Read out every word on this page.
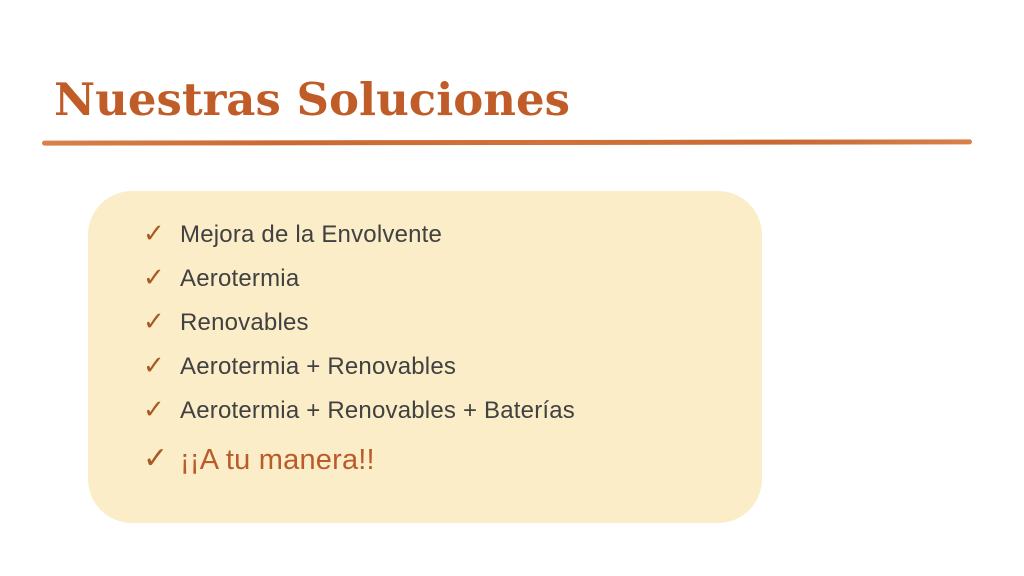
Nuestras Soluciones
✓ Mejora de la Envolvente
✓ Aerotermia
✓ Renovables
✓ Aerotermia + Renovables
✓ Aerotermia + Renovables + Baterías
✓ ¡¡A tu manera!!
